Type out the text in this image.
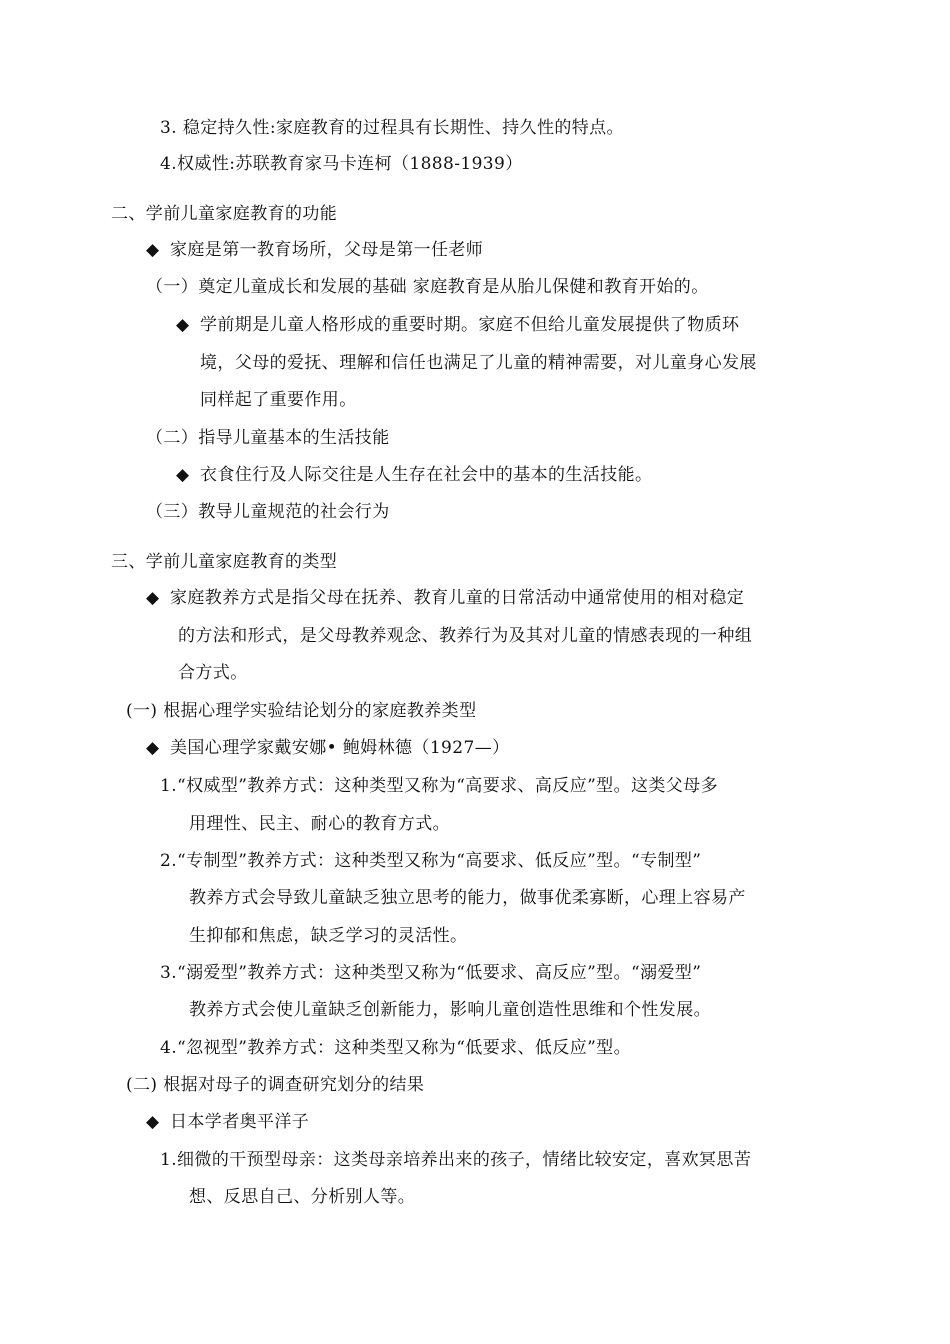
3. 稳定持久性:家庭教育的过程具有长期性、持久性的特点。
4.权威性:苏联教育家马卡连柯（1888-1939）
二、学前儿童家庭教育的功能
◆ 家庭是第一教育场所，父母是第一任老师
（一）奠定儿童成长和发展的基础 家庭教育是从胎儿保健和教育开始的。
◆ 学前期是儿童人格形成的重要时期。家庭不但给儿童发展提供了物质环
境，父母的爱抚、理解和信任也满足了儿童的精神需要，对儿童身心发展
同样起了重要作用。
（二）指导儿童基本的生活技能
◆ 衣食住行及人际交往是人生存在社会中的基本的生活技能。
（三）教导儿童规范的社会行为
三、学前儿童家庭教育的类型
◆ 家庭教养方式是指父母在抚养、教育儿童的日常活动中通常使用的相对稳定
的方法和形式，是父母教养观念、教养行为及其对儿童的情感表现的一种组
合方式。
(一) 根据心理学实验结论划分的家庭教养类型
◆ 美国心理学家戴安娜• 鲍姆林德（1927—）
1.“权威型”教养方式：这种类型又称为“高要求、高反应”型。这类父母多
用理性、民主、耐心的教育方式。
2.“专制型”教养方式：这种类型又称为“高要求、低反应”型。“专制型”
教养方式会导致儿童缺乏独立思考的能力，做事优柔寡断，心理上容易产
生抑郁和焦虑，缺乏学习的灵活性。
3.“溺爱型”教养方式：这种类型又称为“低要求、高反应”型。“溺爱型”
教养方式会使儿童缺乏创新能力，影响儿童创造性思维和个性发展。
4.“忽视型”教养方式：这种类型又称为“低要求、低反应”型。
(二) 根据对母子的调查研究划分的结果
◆ 日本学者奥平洋子
1.细微的干预型母亲：这类母亲培养出来的孩子，情绪比较安定，喜欢冥思苦
想、反思自己、分析别人等。
